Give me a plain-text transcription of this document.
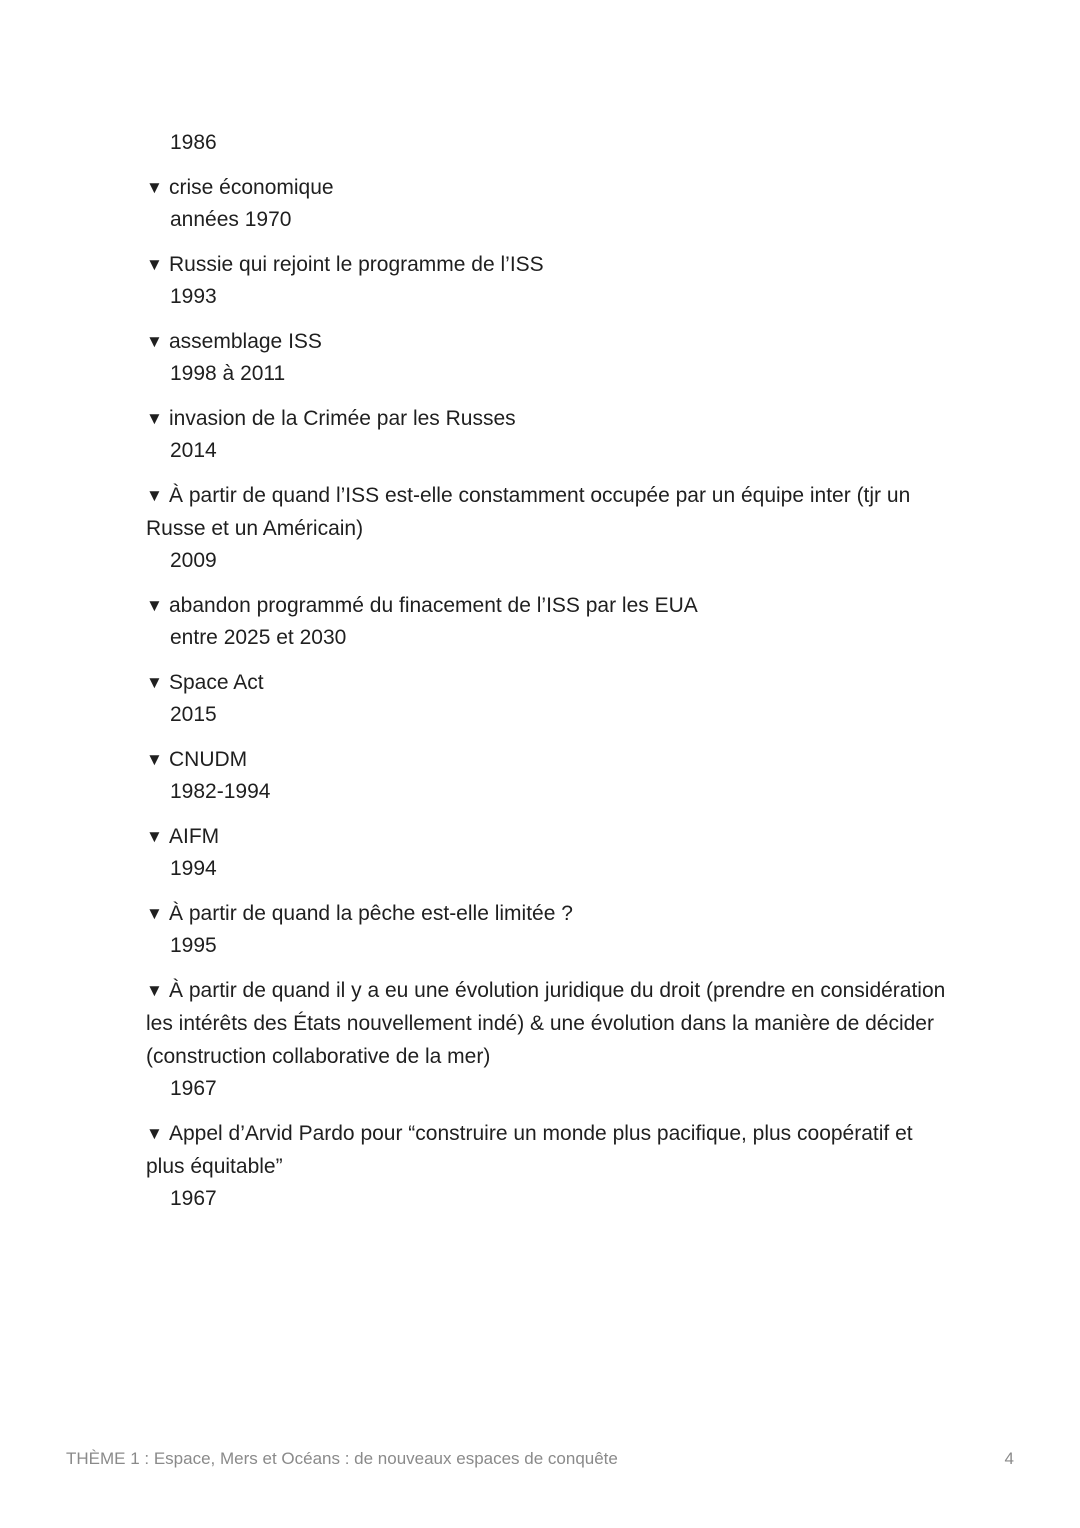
1986
▼ crise économique
années 1970
▼ Russie qui rejoint le programme de l’ISS
1993
▼ assemblage ISS
1998 à 2011
▼ invasion de la Crimée par les Russes
2014
▼ À partir de quand l’ISS est-elle constamment occupée par un équipe inter (tjr un Russe et un Américain)
2009
▼ abandon programmé du finacement de l’ISS par les EUA
entre 2025 et 2030
▼ Space Act
2015
▼ CNUDM
1982-1994
▼ AIFM
1994
▼ À partir de quand la pêche est-elle limitée ?
1995
▼ À partir de quand il y a eu une évolution juridique du droit (prendre en considération les intérêts des États nouvellement indé) & une évolution dans la manière de décider (construction collaborative de la mer)
1967
▼ Appel d’Arvid Pardo pour “construire un monde plus pacifique, plus coopératif et plus équitable”
1967
THÈME 1 : Espace, Mers et Océans : de nouveaux espaces de conquête	4
